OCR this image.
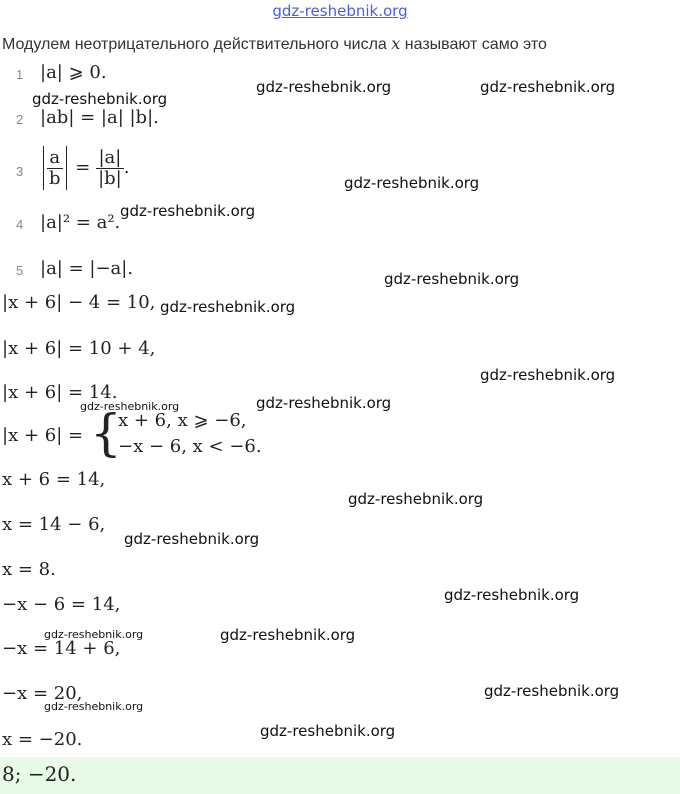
gdz-reshebnik.org
Модулем неотрицательного действительного числа x называют само это
1 |a| ⩾ 0.
2 |ab| = |a| |b|.
$3 \frac{a}{b} = \frac{|a|}{|b|}$ .
4 |a|² = a².
5 |a| = |−a|.
|x + 6| − 4 = 10,
|x + 6| = 10 + 4,
|x + 6| = 14.
|x + 6| = {
x + 6, x ⩾ −6,
−x − 6, x < −6.
x + 6 = 14,
x = 14 − 6,
x = 8.
−x − 6 = 14,
−x = 14 + 6,
−x = 20,
x = −20.
8; −20.
gdz-reshebnik.org
gdz-reshebnik.org	gdz-reshebnik.org
gdz-reshebnik.org
gdz-reshebnik.org
gdz-reshebnik.org
gdz-reshebnik.org
gdz-reshebnik.org
gdz-reshebnik.org	gdz-reshebnik.org
gdz-reshebnik.org
gdz-reshebnik.org
gdz-reshebnik.org
gdz-reshebnik.org	gdz-reshebnik.org
gdz-reshebnik.org
gdz-reshebnik.org
gdz-reshebnik.org
